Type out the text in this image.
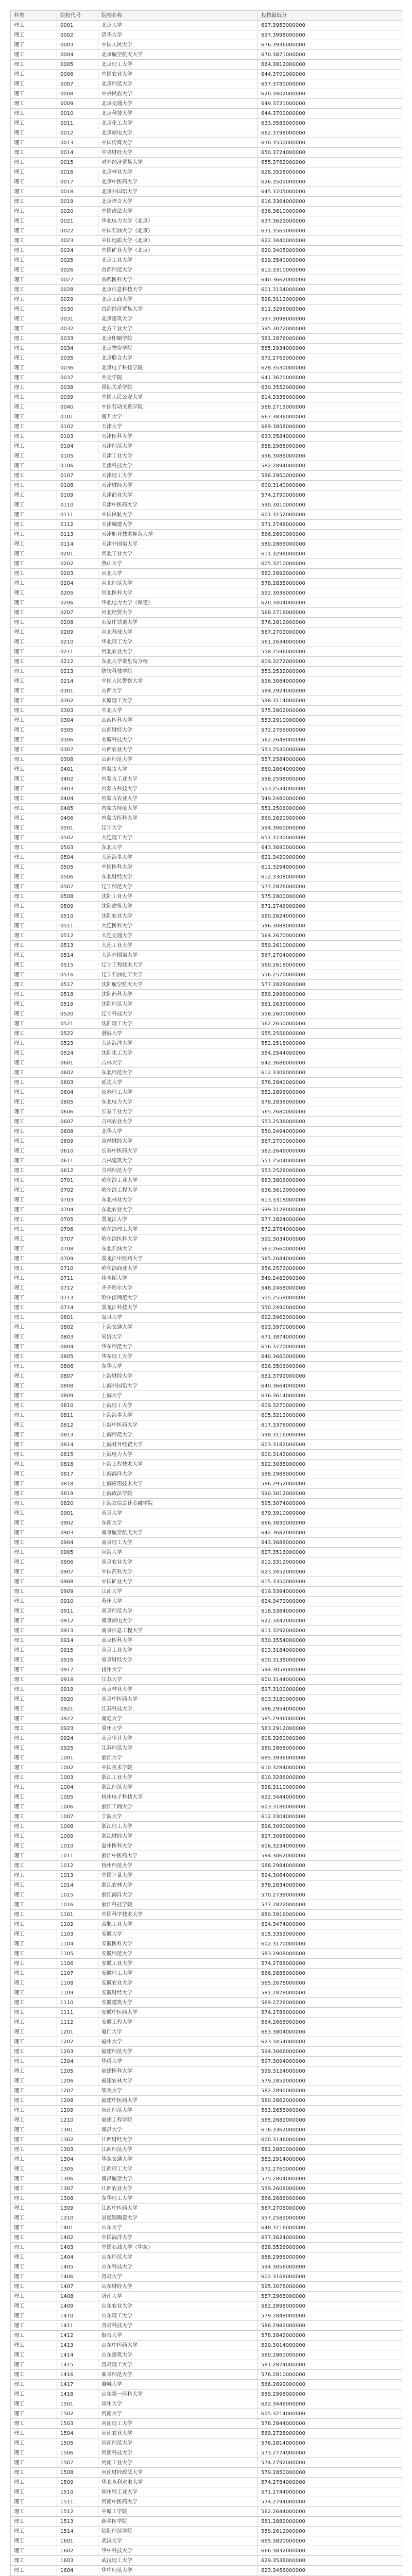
科类	院校代号	院校名称	投档最低分
理工	0001	北京大学	697.3952000000
理工	0002	清华大学	697.3998000000
理工	0003	中国人民大学	676.3936000000
理工	0004	北京航空航天大学	670.3871000000
理工	0005	北京理工大学	664.3812000000
理工	0006	中国农业大学	644.3701000000
理工	0007	北京师范大学	657.3780000000
理工	0008	中央民族大学	620.3402000000
理工	0009	北京交通大学	649.3721000000
理工	0010	北京科技大学	644.3700000000
理工	0011	北京化工大学	633.3583000000
理工	0012	北京邮电大学	662.3798000000
理工	0013	中国传媒大学	630.3550000000
理工	0014	中央财经大学	650.3724000000
理工	0015	对外经济贸易大学	655.3762000000
理工	0016	北京林业大学	628.3528000000
理工	0017	北京中医药大学	626.3505000000
理工	0018	北京外国语大学	645.3705000000
理工	0019	北京语言大学	616.3364000000
理工	0020	中国政法大学	636.3610000000
理工	0021	华北电力大学（北京）	637.3622000000
理工	0022	中国石油大学（北京）	631.3565000000
理工	0023	中国地质大学（北京）	622.3440000000
理工	0024	中国矿业大学（北京）	620.3405000000
理工	0025	北京工业大学	629.3540000000
理工	0026	首都师范大学	612.3310000000
理工	0027	首都医科大学	640.3662000000
理工	0028	北京信息科技大学	601.3154000000
理工	0029	北京工商大学	598.3112000000
理工	0030	首都经济贸易大学	611.3296000000
理工	0031	北京建筑大学	597.3098000000
理工	0032	北方工业大学	595.3072000000
理工	0033	北京印刷学院	581.2876000000
理工	0034	北京物资学院	585.2934000000
理工	0035	北京联合大学	572.2762000000
理工	0036	北京电子科技学院	628.3530000000
理工	0037	外交学院	641.3670000000
理工	0038	国际关系学院	630.3552000000
理工	0039	中国人民公安大学	614.3338000000
理工	0040	中国劳动关系学院	568.2715000000
理工	0101	南开大学	667.3836000000
理工	0102	天津大学	669.3858000000
理工	0103	天津医科大学	633.3584000000
理工	0104	天津师范大学	588.2985000000
理工	0105	天津工业大学	596.3086000000
理工	0106	天津科技大学	582.2894000000
理工	0107	天津理工大学	586.2950000000
理工	0108	天津财经大学	600.3140000000
理工	0109	天津商业大学	574.2790000000
理工	0110	天津中医药大学	590.3010000000
理工	0111	中国民航大学	601.3152000000
理工	0112	天津城建大学	571.2748000000
理工	0113	天津职业技术师范大学	566.2690000000
理工	0114	天津外国语大学	580.2866000000
理工	0201	河北工业大学	611.3298000000
理工	0202	燕山大学	605.3210000000
理工	0203	河北大学	582.2892000000
理工	0204	河北师范大学	578.2838000000
理工	0205	河北医科大学	592.3036000000
理工	0206	华北电力大学（保定）	620.3404000000
理工	0207	河北经贸大学	568.2718000000
理工	0208	石家庄铁道大学	576.2812000000
理工	0209	河北科技大学	567.2702000000
理工	0210	华北理工大学	561.2634000000
理工	0211	河北农业大学	558.2596000000
理工	0212	东北大学秦皇岛分校	609.3272000000
理工	0213	防灾科技学院	553.2532000000
理工	0214	中国人民警察大学	596.3084000000
理工	0301	山西大学	584.2924000000
理工	0302	太原理工大学	598.3114000000
理工	0303	中北大学	575.2802000000
理工	0304	山西医科大学	583.2910000000
理工	0305	山西财经大学	572.2766000000
理工	0306	太原科技大学	562.2648000000
理工	0307	山西农业大学	553.2530000000
理工	0308	山西师范大学	557.2584000000
理工	0401	内蒙古大学	580.2864000000
理工	0402	内蒙古工业大学	558.2598000000
理工	0403	内蒙古科技大学	553.2534000000
理工	0404	内蒙古农业大学	549.2480000000
理工	0405	内蒙古师范大学	551.2506000000
理工	0406	内蒙古医科大学	560.2620000000
理工	0501	辽宁大学	594.3060000000
理工	0502	大连理工大学	651.3730000000
理工	0503	东北大学	643.3690000000
理工	0504	大连海事大学	621.3420000000
理工	0505	中国医科大学	611.3294000000
理工	0506	东北财经大学	612.3308000000
理工	0507	辽宁师范大学	577.2826000000
理工	0508	沈阳工业大学	575.2800000000
理工	0509	沈阳建筑大学	571.2746000000
理工	0510	沈阳农业大学	560.2624000000
理工	0511	大连医科大学	596.3088000000
理工	0512	大连交通大学	564.2670000000
理工	0513	大连工业大学	559.2610000000
理工	0514	大连外国语大学	567.2704000000
理工	0515	辽宁工程技术大学	560.2618000000
理工	0516	辽宁石油化工大学	556.2570000000
理工	0517	沈阳航空航天大学	577.2828000000
理工	0518	沈阳药科大学	589.2996000000
理工	0519	沈阳师范大学	561.2632000000
理工	0520	辽宁科技大学	558.2600000000
理工	0521	沈阳理工大学	562.2650000000
理工	0522	渤海大学	555.2556000000
理工	0523	大连海洋大学	552.2518000000
理工	0524	沈阳化工大学	554.2544000000
理工	0601	吉林大学	642.3686000000
理工	0602	东北师范大学	612.3306000000
理工	0603	延边大学	578.2840000000
理工	0604	长春理工大学	582.2896000000
理工	0605	东北电力大学	578.2836000000
理工	0606	长春工业大学	565.2680000000
理工	0607	吉林农业大学	553.2536000000
理工	0608	北华大学	550.2494000000
理工	0609	吉林财经大学	567.2700000000
理工	0610	长春中医药大学	562.2646000000
理工	0611	吉林建筑大学	551.2504000000
理工	0612	吉林师范大学	553.2528000000
理工	0701	哈尔滨工业大学	663.3806000000
理工	0702	哈尔滨工程大学	636.3612000000
理工	0703	东北林业大学	613.3318000000
理工	0704	东北农业大学	599.3128000000
理工	0705	黑龙江大学	577.2824000000
理工	0706	哈尔滨理工大学	572.2764000000
理工	0707	哈尔滨医科大学	592.3034000000
理工	0708	东北石油大学	563.2660000000
理工	0709	黑龙江中医药大学	565.2684000000
理工	0710	哈尔滨商业大学	556.2572000000
理工	0711	佳木斯大学	549.2482000000
理工	0712	齐齐哈尔大学	548.2468000000
理工	0713	哈尔滨师范大学	555.2558000000
理工	0714	黑龙江科技大学	550.2490000000
理工	0801	复旦大学	692.3962000000
理工	0802	上海交通大学	693.3970000000
理工	0803	同济大学	671.3874000000
理工	0804	华东师范大学	656.3770000000
理工	0805	华东理工大学	640.3660000000
理工	0806	东华大学	626.3506000000
理工	0807	上海财经大学	661.3792000000
理工	0808	上海外国语大学	640.3664000000
理工	0809	上海大学	636.3614000000
理工	0810	上海理工大学	609.3270000000
理工	0811	上海海事大学	605.3212000000
理工	0812	上海中医药大学	617.3376000000
理工	0813	上海师范大学	598.3116000000
理工	0814	上海对外经贸大学	603.3182000000
理工	0815	上海电力大学	600.3142000000
理工	0816	上海工程技术大学	592.3038000000
理工	0817	上海海洋大学	588.2988000000
理工	0818	上海应用技术大学	586.2952000000
理工	0819	上海政法学院	590.3012000000
理工	0820	上海立信会计金融学院	595.3074000000
理工	0901	南京大学	679.3910000000
理工	0902	东南大学	666.3830000000
理工	0903	南京航空航天大学	642.3682000000
理工	0904	南京理工大学	643.3688000000
理工	0905	河海大学	627.3516000000
理工	0906	南京农业大学	612.3312000000
理工	0907	中国药科大学	623.3452000000
理工	0908	中国矿业大学	615.3350000000
理工	0909	江南大学	619.3394000000
理工	0910	苏州大学	624.3472000000
理工	0911	南京师范大学	618.3384000000
理工	0912	南京邮电大学	622.3442000000
理工	0913	南京信息工程大学	611.3292000000
理工	0914	南京医科大学	630.3554000000
理工	0915	南京工业大学	603.3184000000
理工	0916	南京财经大学	600.3138000000
理工	0917	扬州大学	594.3058000000
理工	0918	江苏大学	600.3144000000
理工	0919	南京林业大学	597.3100000000
理工	0920	南京中医药大学	603.3180000000
理工	0921	江苏科技大学	586.2954000000
理工	0922	南通大学	585.2936000000
理工	0923	常州大学	583.2912000000
理工	0924	南京审计大学	608.3260000000
理工	0925	江苏师范大学	580.2868000000
理工	1001	浙江大学	685.3936000000
理工	1002	中国美术学院	610.3284000000
理工	1003	浙江工业大学	610.3286000000
理工	1004	浙江师范大学	598.3110000000
理工	1005	杭州电子科技大学	622.3444000000
理工	1006	浙江工商大学	603.3186000000
理工	1007	宁波大学	612.3304000000
理工	1008	浙江理工大学	596.3090000000
理工	1009	浙江财经大学	597.3096000000
理工	1010	温州医科大学	606.3234000000
理工	1011	浙江中医药大学	594.3062000000
理工	1012	杭州师范大学	588.2984000000
理工	1013	中国计量大学	594.3064000000
理工	1014	浙江农林大学	578.2834000000
理工	1015	浙江海洋大学	570.2738000000
理工	1016	浙江科技学院	577.2822000000
理工	1101	中国科学技术大学	680.3916000000
理工	1102	合肥工业大学	624.3474000000
理工	1103	安徽大学	615.3352000000
理工	1104	安徽医科大学	602.3170000000
理工	1105	安徽师范大学	583.2908000000
理工	1106	安徽工业大学	574.2788000000
理工	1107	安徽理工大学	566.2688000000
理工	1108	安徽农业大学	565.2678000000
理工	1109	安徽财经大学	581.2878000000
理工	1110	安徽建筑大学	569.2726000000
理工	1111	安徽中医药大学	574.2786000000
理工	1112	安徽工程大学	564.2668000000
理工	1201	厦门大学	663.3804000000
理工	1202	福州大学	623.3454000000
理工	1203	福建师范大学	594.3066000000
理工	1204	华侨大学	597.3094000000
理工	1205	福建医科大学	599.3124000000
理工	1206	福建农林大学	579.2852000000
理工	1207	集美大学	582.2890000000
理工	1208	福建中医药大学	580.2862000000
理工	1209	闽南师范大学	563.2658000000
理工	1210	福建工程学院	565.2682000000
理工	1301	南昌大学	616.3362000000
理工	1302	江西财经大学	600.3146000000
理工	1303	江西师范大学	581.2880000000
理工	1304	华东交通大学	583.2914000000
理工	1305	江西理工大学	572.2760000000
理工	1306	南昌航空大学	575.2804000000
理工	1307	江西农业大学	559.2608000000
理工	1308	东华理工大学	566.2686000000
理工	1309	江西中医药大学	567.2706000000
理工	1310	景德镇陶瓷大学	557.2582000000
理工	1401	山东大学	648.3716000000
理工	1402	中国海洋大学	637.3624000000
理工	1403	中国石油大学（华东）	628.3526000000
理工	1404	山东师范大学	588.2986000000
理工	1405	山东科技大学	594.3056000000
理工	1406	青岛大学	602.3168000000
理工	1407	山东财经大学	595.3078000000
理工	1408	济南大学	587.2968000000
理工	1409	山东农业大学	582.2898000000
理工	1410	山东理工大学	579.2848000000
理工	1411	青岛科技大学	588.2982000000
理工	1412	烟台大学	578.2842000000
理工	1413	山东中医药大学	590.3014000000
理工	1414	山东建筑大学	580.2860000000
理工	1415	青岛理工大学	581.2874000000
理工	1416	曲阜师范大学	576.2810000000
理工	1417	聊城大学	566.2692000000
理工	1418	山东第一医科大学	589.2998000000
理工	1501	郑州大学	622.3446000000
理工	1502	河南大学	605.3214000000
理工	1503	河南理工大学	578.2844000000
理工	1504	河南农业大学	569.2728000000
理工	1505	河南师范大学	576.2814000000
理工	1506	河南科技大学	573.2774000000
理工	1507	河南工业大学	574.2792000000
理工	1508	河南财经政法大学	579.2850000000
理工	1509	华北水利水电大学	574.2784000000
理工	1510	郑州轻工业大学	571.2744000000
理工	1511	河南中医药大学	574.2794000000
理工	1512	中原工学院	562.2644000000
理工	1513	新乡医学院	581.2882000000
理工	1514	信阳师范学院	559.2612000000
理工	1601	武汉大学	665.3820000000
理工	1602	华中科技大学	666.3832000000
理工	1603	武汉理工大学	629.3538000000
理工	1604	华中师范大学	623.3456000000
